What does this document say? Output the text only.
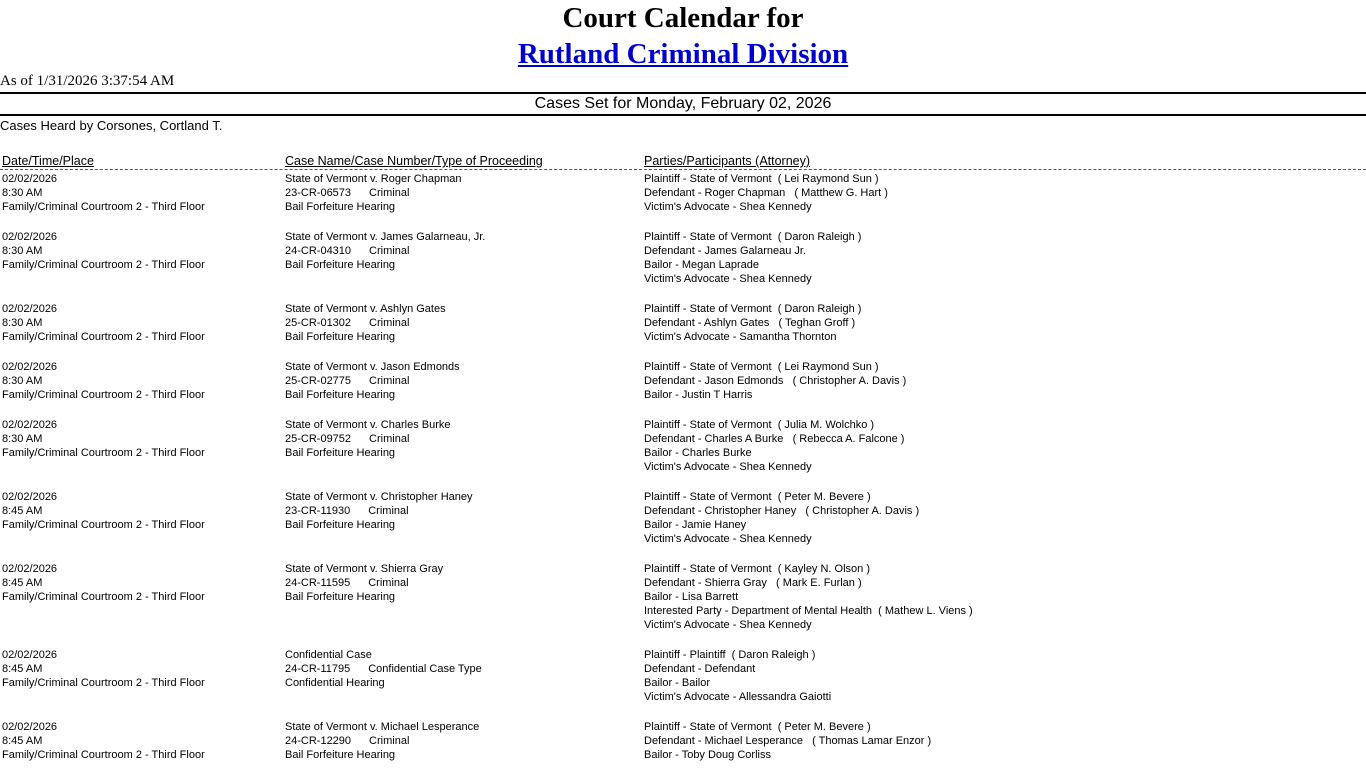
Court Calendar for
Rutland Criminal Division
As of 1/31/2026 3:37:54 AM
Cases Set for Monday, February 02, 2026
Cases Heard by Corsones, Cortland T.
Date/Time/Place	Case Name/Case Number/Type of Proceeding	Parties/Participants (Attorney)
02/02/2026
8:30 AM
Family/Criminal Courtroom 2 - Third Floor
State of Vermont v. Roger Chapman
23-CR-06573 Criminal
Bail Forfeiture Hearing
Plaintiff - State of Vermont  ( Lei Raymond Sun )
Defendant - Roger Chapman   ( Matthew G. Hart )
Victim's Advocate - Shea Kennedy
02/02/2026
8:30 AM
Family/Criminal Courtroom 2 - Third Floor
State of Vermont v. James Galarneau, Jr.
24-CR-04310 Criminal
Bail Forfeiture Hearing
Plaintiff - State of Vermont  ( Daron Raleigh )
Defendant - James Galarneau Jr.
Bailor - Megan Laprade
Victim's Advocate - Shea Kennedy
02/02/2026
8:30 AM
Family/Criminal Courtroom 2 - Third Floor
State of Vermont v. Ashlyn Gates
25-CR-01302 Criminal
Bail Forfeiture Hearing
Plaintiff - State of Vermont  ( Daron Raleigh )
Defendant - Ashlyn Gates   ( Teghan Groff )
Victim's Advocate - Samantha Thornton
02/02/2026
8:30 AM
Family/Criminal Courtroom 2 - Third Floor
State of Vermont v. Jason Edmonds
25-CR-02775 Criminal
Bail Forfeiture Hearing
Plaintiff - State of Vermont  ( Lei Raymond Sun )
Defendant - Jason Edmonds   ( Christopher A. Davis )
Bailor - Justin T Harris
02/02/2026
8:30 AM
Family/Criminal Courtroom 2 - Third Floor
State of Vermont v. Charles Burke
25-CR-09752 Criminal
Bail Forfeiture Hearing
Plaintiff - State of Vermont  ( Julia M. Wolchko )
Defendant - Charles A Burke   ( Rebecca A. Falcone )
Bailor - Charles Burke
Victim's Advocate - Shea Kennedy
02/02/2026
8:45 AM
Family/Criminal Courtroom 2 - Third Floor
State of Vermont v. Christopher Haney
23-CR-11930 Criminal
Bail Forfeiture Hearing
Plaintiff - State of Vermont  ( Peter M. Bevere )
Defendant - Christopher Haney   ( Christopher A. Davis )
Bailor - Jamie Haney
Victim's Advocate - Shea Kennedy
02/02/2026
8:45 AM
Family/Criminal Courtroom 2 - Third Floor
State of Vermont v. Shierra Gray
24-CR-11595 Criminal
Bail Forfeiture Hearing
Plaintiff - State of Vermont  ( Kayley N. Olson )
Defendant - Shierra Gray   ( Mark E. Furlan )
Bailor - Lisa Barrett
Interested Party - Department of Mental Health  ( Mathew L. Viens )
Victim's Advocate - Shea Kennedy
02/02/2026
8:45 AM
Family/Criminal Courtroom 2 - Third Floor
Confidential Case
24-CR-11795 Confidential Case Type
Confidential Hearing
Plaintiff - Plaintiff  ( Daron Raleigh )
Defendant - Defendant
Bailor - Bailor
Victim's Advocate - Allessandra Gaiotti
02/02/2026
8:45 AM
Family/Criminal Courtroom 2 - Third Floor
State of Vermont v. Michael Lesperance
24-CR-12290 Criminal
Bail Forfeiture Hearing
Plaintiff - State of Vermont  ( Peter M. Bevere )
Defendant - Michael Lesperance   ( Thomas Lamar Enzor )
Bailor - Toby Doug Corliss
